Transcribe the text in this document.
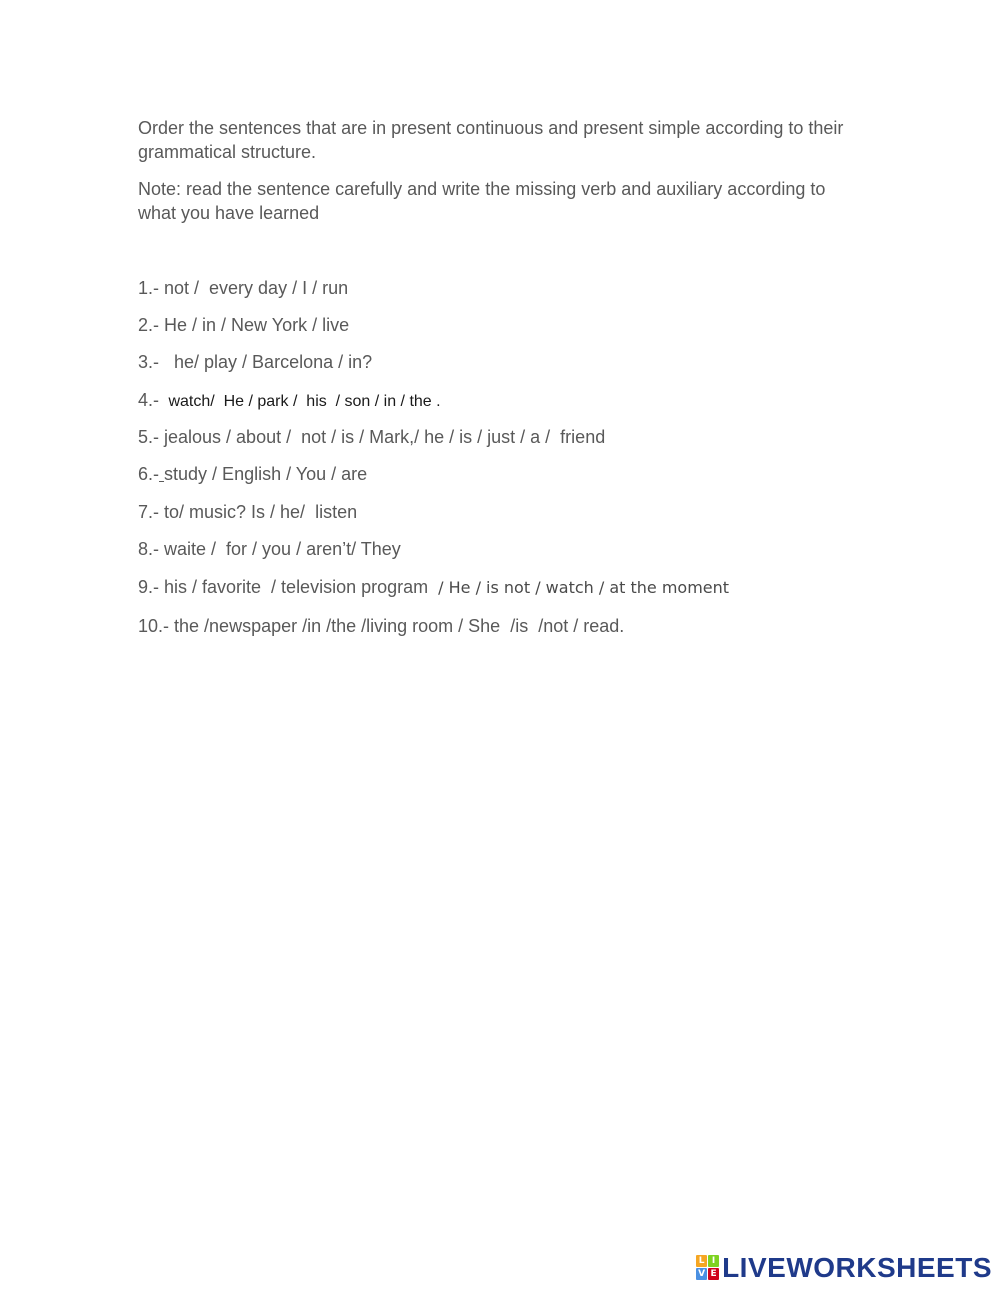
Order the sentences that are in present continuous and present simple according to their grammatical structure.

Note: read the sentence carefully and write the missing verb and auxiliary according to what you have learned

1.- not /  every day / I / run

2.- He / in / New York / live

3.-   he/ play / Barcelona / in?

4.-  watch/  He / park /  his  / son / in / the .

5.- jealous / about /  not / is / Mark,/ he / is / just / a /  friend

6.- study / English / You / are

7.- to/ music? Is / he/  listen

8.- waite /  for / you / aren’t/ They

9.- his / favorite  / television program  / He / is not / watch / at the moment

10.- the /newspaper /in /the /living room / She  /is  /not / read.

L I
V E LIVEWORKSHEETS
